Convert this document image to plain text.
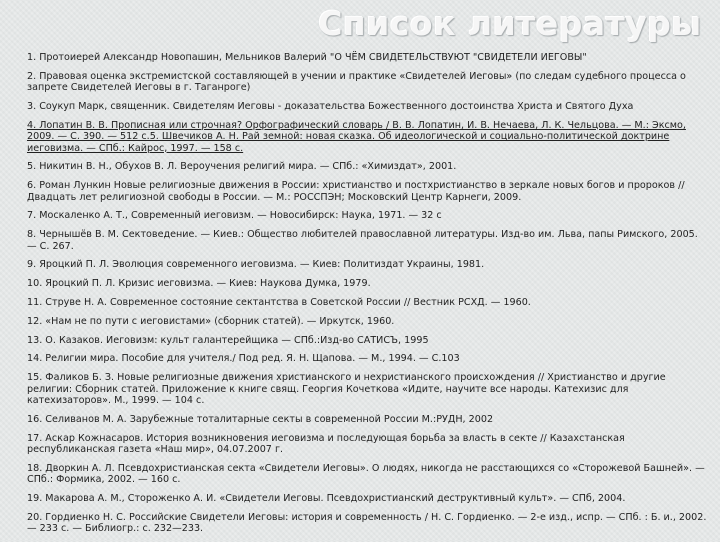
Список литературы
1. Протоиерей Александр Новопашин, Мельников Валерий "О ЧЁМ СВИДЕТЕЛЬСТВУЮТ "СВИДЕТЕЛИ ИЕГОВЫ"
2. Правовая оценка экстремистской составляющей в учении и практике «Свидетелей Иеговы» (по следам судебного процесса о запрете Свидетелей Иеговы в г. Таганроге)
3. Соукуп Марк, священник. Свидетелям Иеговы - доказательства Божественного достоинства Христа и Святого Духа
4. Лопатин В. В. Прописная или строчная? Орфографический словарь / В. В. Лопатин, И. В. Нечаева, Л. К. Чельцова. — М.: Эксмо, 2009. — С. 390. — 512 с.5. Швечиков А. Н. Рай земной: новая сказка. Об идеологической и социально-политической доктрине иеговизма. — СПб.: Кайрос, 1997. — 158 с.
5. Никитин В. Н., Обухов В. Л. Вероучения религий мира. — СПб.: «Химиздат», 2001.
6. Роман Лункин Новые религиозные движения в России: христианство и постхристианство в зеркале новых богов и пророков // Двадцать лет религиозной свободы в России. — М.: РОССПЭН; Московский Центр Карнеги, 2009.
7. Москаленко А. Т., Современный иеговизм. — Новосибирск: Наука, 1971. — 32 с
8. Чернышёв В. М. Сектоведение. — Киев.: Общество любителей православной литературы. Изд-во им. Льва, папы Римского, 2005. — С. 267.
9. Яроцкий П. Л. Эволюция современного иеговизма. — Киев: Политиздат Украины, 1981.
10. Яроцкий П. Л. Кризис иеговизма. — Киев: Наукова Думка, 1979.
11. Струве Н. А. Современное состояние сектантства в Советской России // Вестник РСХД. — 1960.
12. «Нам не по пути с иеговистами» (сборник статей). — Иркутск, 1960.
13. О. Казаков. Иеговизм: культ галантерейщика — СПб.:Изд-во САТИСЪ, 1995
14. Религии мира. Пособие для учителя./ Под ред. Я. Н. Щапова. — М., 1994. — С.103
15. Фаликов Б. З. Новые религиозные движения христианского и нехристианского происхождения // Христианство и другие религии: Сборник статей. Приложение к книге свящ. Георгия Кочеткова «Идите, научите все народы. Катехизис для катехизаторов». М., 1999. — 104 с.
16. Селиванов М. А. Зарубежные тоталитарные секты в современной России М.:РУДН, 2002
17. Аскар Кожнасаров. История возникновения иеговизма и последующая борьба за власть в секте // Казахстанская республиканская газета «Наш мир», 04.07.2007 г.
18. Дворкин А. Л. Псевдохристианская секта «Свидетели Иеговы». О людях, никогда не расстающихся со «Сторожевой Башней». — СПб.: Формика, 2002. — 160 с.
19. Макарова А. М., Стороженко А. И. «Свидетели Иеговы. Псевдохристианский деструктивный культ». — СПб, 2004.
20. Гордиенко Н. С. Российские Свидетели Иеговы: история и современность / Н. С. Гордиенко. — 2-е изд., испр. — СПб. : Б. и., 2002. — 233 с. — Библиогр.: с. 232—233.
